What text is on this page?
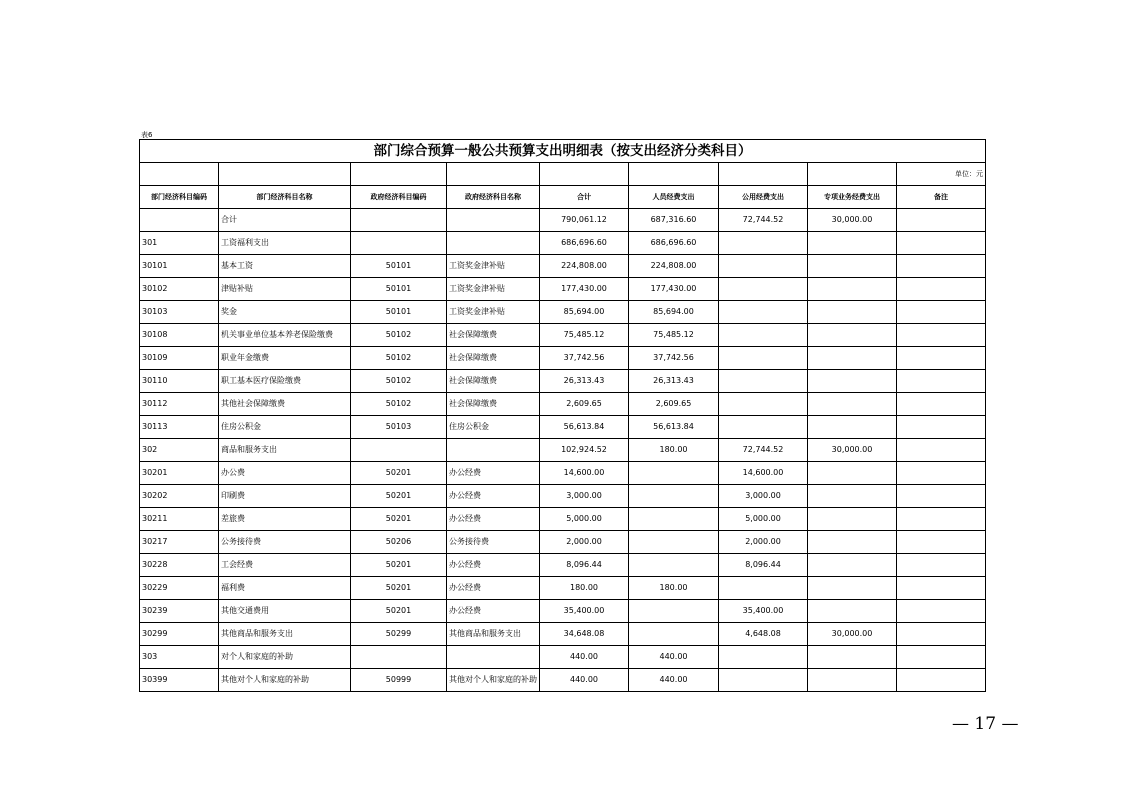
表6
部门综合预算一般公共预算支出明细表（按支出经济分类科目）								
								单位：元
部门经济科目编码	部门经济科目名称	政府经济科目编码	政府经济科目名称	合计	人员经费支出	公用经费支出	专项业务经费支出	备注
	合计			790,061.12	687,316.60	72,744.52	30,000.00	
301	工资福利支出			686,696.60	686,696.60			
30101	基本工资	50101	工资奖金津补贴	224,808.00	224,808.00			
30102	津贴补贴	50101	工资奖金津补贴	177,430.00	177,430.00			
30103	奖金	50101	工资奖金津补贴	85,694.00	85,694.00			
30108	机关事业单位基本养老保险缴费	50102	社会保障缴费	75,485.12	75,485.12			
30109	职业年金缴费	50102	社会保障缴费	37,742.56	37,742.56			
30110	职工基本医疗保险缴费	50102	社会保障缴费	26,313.43	26,313.43			
30112	其他社会保障缴费	50102	社会保障缴费	2,609.65	2,609.65			
30113	住房公积金	50103	住房公积金	56,613.84	56,613.84			
302	商品和服务支出			102,924.52	180.00	72,744.52	30,000.00	
30201	办公费	50201	办公经费	14,600.00		14,600.00		
30202	印刷费	50201	办公经费	3,000.00		3,000.00		
30211	差旅费	50201	办公经费	5,000.00		5,000.00		
30217	公务接待费	50206	公务接待费	2,000.00		2,000.00		
30228	工会经费	50201	办公经费	8,096.44		8,096.44		
30229	福利费	50201	办公经费	180.00	180.00			
30239	其他交通费用	50201	办公经费	35,400.00		35,400.00		
30299	其他商品和服务支出	50299	其他商品和服务支出	34,648.08		4,648.08	30,000.00	
303	对个人和家庭的补助			440.00	440.00			
30399	其他对个人和家庭的补助	50999	其他对个人和家庭的补助	440.00	440.00			
— 17 —
